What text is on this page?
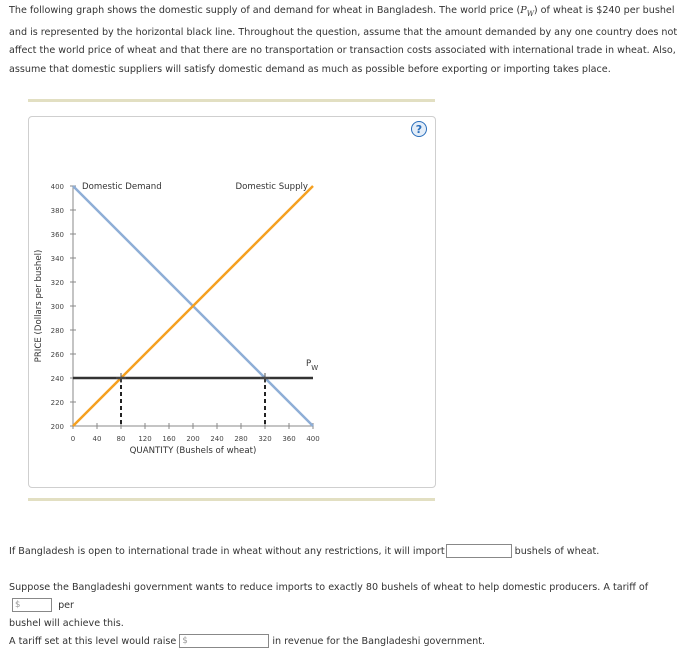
The following graph shows the domestic supply of and demand for wheat in Bangladesh. The world price $(P_W)$ of wheat is $240 per bushel and is represented by the horizontal black line. Throughout the question, assume that the amount demanded by any one country does not affect the world price of wheat and that there are no transportation or transaction costs associated with international trade in wheat. Also, assume that domestic suppliers will satisfy domestic demand as much as possible before exporting or importing takes place.
?
200
220
240
260
280
300
320
340
360
380
400
0 40 80 120 160 200 240 280 320 360 400
Domestic Demand	Domestic Supply
$P_W$
QUANTITY (Bushels of wheat)
PRICE (Dollars per bushel)
If Bangladesh is open to international trade in wheat without any restrictions, it will import	bushels of wheat.
Suppose the Bangladeshi government wants to reduce imports to exactly 80 bushels of wheat to help domestic producers. A tariff of $	per
bushel will achieve this.
A tariff set at this level would raise $	in revenue for the Bangladeshi government.
